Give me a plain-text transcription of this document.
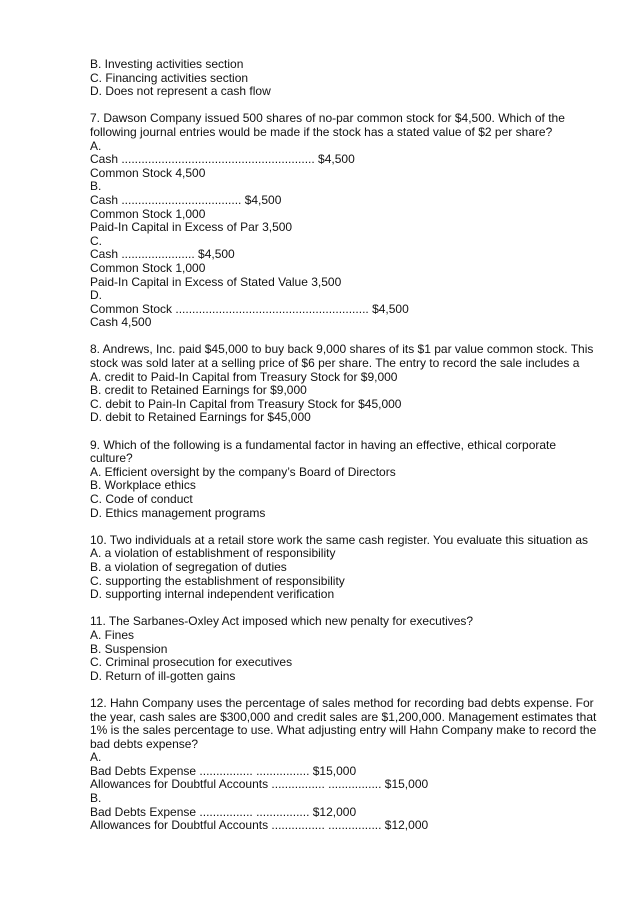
B. Investing activities section
C. Financing activities section
D. Does not represent a cash flow
7. Dawson Company issued 500 shares of no-par common stock for $4,500. Which of the
following journal entries would be made if the stock has a stated value of $2 per share?
A.
Cash .......................................................... $4,500
Common Stock 4,500
B.
Cash .................................... $4,500
Common Stock 1,000
Paid-In Capital in Excess of Par 3,500
C.
Cash ...................... $4,500
Common Stock 1,000
Paid-In Capital in Excess of Stated Value 3,500
D.
Common Stock .......................................................... $4,500
Cash 4,500
8. Andrews, Inc. paid $45,000 to buy back 9,000 shares of its $1 par value common stock. This
stock was sold later at a selling price of $6 per share. The entry to record the sale includes a
A. credit to Paid-In Capital from Treasury Stock for $9,000
B. credit to Retained Earnings for $9,000
C. debit to Pain-In Capital from Treasury Stock for $45,000
D. debit to Retained Earnings for $45,000
9. Which of the following is a fundamental factor in having an effective, ethical corporate
culture?
A. Efficient oversight by the company’s Board of Directors
B. Workplace ethics
C. Code of conduct
D. Ethics management programs
10. Two individuals at a retail store work the same cash register. You evaluate this situation as
A. a violation of establishment of responsibility
B. a violation of segregation of duties
C. supporting the establishment of responsibility
D. supporting internal independent verification
11. The Sarbanes-Oxley Act imposed which new penalty for executives?
A. Fines
B. Suspension
C. Criminal prosecution for executives
D. Return of ill-gotten gains
12. Hahn Company uses the percentage of sales method for recording bad debts expense. For
the year, cash sales are $300,000 and credit sales are $1,200,000. Management estimates that
1% is the sales percentage to use. What adjusting entry will Hahn Company make to record the
bad debts expense?
A.
Bad Debts Expense ................ ................ $15,000
Allowances for Doubtful Accounts ................ ................ $15,000
B.
Bad Debts Expense ................ ................ $12,000
Allowances for Doubtful Accounts ................ ................ $12,000
